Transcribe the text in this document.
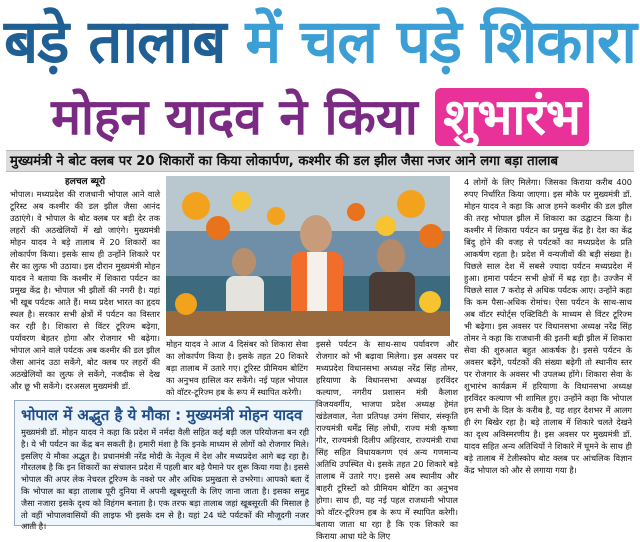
बड़े तालाब में चल पड़े शिकारा
मोहन यादव ने किया शुभारंभ
मुख्यमंत्री ने बोट क्लब पर 20 शिकारों का किया लोकार्पण, कश्मीर की डल झील जैसा नजर आने लगा बड़ा तालाब
हलचल ब्यूरो
भोपाल। मध्यप्रदेश की राजधानी भोपाल आने वाले टूरिस्ट अब कश्मीर की डल झील जैसा आनंद उठाएंगे। वे भोपाल के बोट क्लब पर बड़ी देर तक लहरों की अठखेलियों में खो जाएंगे। मुख्यमंत्री मोहन यादव ने बड़े तालाब में 20 शिकारों का लोकार्पण किया। इसके साथ ही उन्होंने शिकारे पर सैर का लुत्फ भी उठाया। इस दौरान मुख्यमंत्री मोहन यादव ने बताया कि कश्मीर में शिकारा पर्यटन का प्रमुख केंद्र है। भोपाल भी झीलों की नगरी है। यहां भी खूब पर्यटक आते हैं। मध्य प्रदेश भारत का हृदय स्थल है। सरकार सभी क्षेत्रों में पर्यटन का विस्तार कर रही है। शिकारा से विंटर टूरिज्म बढ़ेगा, पर्यावरण बेहतर होगा और रोजगार भी बढ़ेगा। भोपाल आने वाले पर्यटक अब कश्मीर की डल झील जैसा आनंद उठा सकेंगे, बोट क्लब पर लहरों की अठखेलियों का लुत्फ ले सकेंगे, नजदीक से देख और छू भी सकेंगे। दरअसल मुख्यमंत्री डॉ.
मोहन यादव ने आज 4 दिसंबर को शिकारा सेवा का लोकार्पण किया है। इसके तहत 20 शिकारे बड़ा तालाब में उतारे गए। टूरिस्ट प्रीमियम बोटिंग का अनुभव हासिल कर सकेंगे। नई पहल भोपाल को वॉटर-टूरिज्म हब के रूप में स्थापित करेगी।
इससे पर्यटन के साथ-साथ पर्यावरण और रोजगार को भी बढ़ावा मिलेगा। इस अवसर पर मध्यप्रदेश विधानसभा अध्यक्ष नरेंद्र सिंह तोमर, हरियाणा के विधानसभा अध्यक्ष हरविंदर कल्याण, नगरीय प्रशासन मंत्री कैलाश विजयवर्गीय, भाजपा प्रदेश अध्यक्ष हेमंत खंडेलवाल, नेता प्रतिपक्ष उमंग सिंघार, संस्कृति राज्यमंत्री धर्मेंद्र सिंह लोधी, राज्य मंत्री कृष्णा गौर, राज्यमंत्री दिलीप अहिरवार, राज्यमंत्री राधा सिंह सहित विधायकगण एवं अन्य गणमान्य अतिथि उपस्थित थे। इसके तहत 20 शिकारे बड़े तालाब में उतारे गए। इससे अब स्थानीय और बाहरी टूरिस्टों को प्रीमियम बोटिंग का अनुभव होगा। साथ ही, यह नई पहल राजधानी भोपाल को वॉटर-टूरिज्म हब के रूप में स्थापित करेगी। बताया जाता था रहा है कि एक शिकारे का किराया आधा घंटे के लिए
4 लोगों के लिए मिलेगा। जिसका किराया करीब 400 रुपए निर्धारित किया जाएगा। इस मौके पर मुख्यमंत्री डॉ. मोहन यादव ने कहा कि आज हमने कश्मीर की डल झील की तरह भोपाल झील में शिकारा का उद्घाटन किया है। कश्मीर में शिकारा पर्यटन का प्रमुख केंद्र है। देश का केंद्र बिंदु होने की वजह से पर्यटकों का मध्यप्रदेश के प्रति आकर्षण रहता है। प्रदेश में वन्यजीवों की बड़ी संख्या है। पिछले साल देश में सबसे ज्यादा पर्यटन मध्यप्रदेश में हुआ। हमारा पर्यटन सभी क्षेत्रों में बढ़ रहा है। उज्जैन में पिछले साल 7 करोड़ से अधिक पर्यटक आए। उन्होंने कहा कि कम पैसा-अधिक रोमांच। ऐसा पर्यटन के साथ-साथ अब वॉटर स्पोर्ट्स एक्टिविटी के माध्यम से विंटर टूरिज्म भी बढ़ेगा। इस अवसर पर विधानसभा अध्यक्ष नरेंद्र सिंह तोमर ने कहा कि राजधानी की इतनी बड़ी झील में शिकारा सेवा की शुरुआत बहुत आकर्षक है। इससे पर्यटन के अवसर बढ़ेंगे, पर्यटकों की संख्या बढ़ेगी तो स्थानीय स्तर पर रोजगार के अवसर भी उपलब्ध होंगे। शिकारा सेवा के शुभारंभ कार्यक्रम में हरियाणा के विधानसभा अध्यक्ष हरविंदर कल्याण भी शामिल हुए। उन्होंने कहा कि भोपाल हम सभी के दिल के करीब है, यह शहर देशभर में आलग ही रंग बिखेर रहा है। बड़े तालाब में शिकारे चलते देखने का दृश्य अविस्मरणीय है। इस अवसर पर मुख्यमंत्री डॉ. यादव सहित अन्य अतिथियों ने शिकारे में घूमने के साथ ही बड़े तालाब में टेलीस्कोप बोट क्लब पर आंचलिक विज्ञान केंद्र भोपाल को और से लगाया गया है।
भोपाल में अद्भुत है ये मौका : मुख्यमंत्री मोहन यादव
मुख्यमंत्री डॉ. मोहन यादव ने कहा कि प्रदेश में नर्मदा वैली सहित कई बड़ी जल परियोजना बन रही है। ये भी पर्यटन का केंद्र बन सकती है। हमारी मंशा है कि इनके माध्यम से लोगों को रोजगार मिले। इसलिए ये मौका अद्भुत है। प्रधानमंत्री नरेंद्र मोदी के नेतृत्व में देश और मध्यप्रदेश आगे बढ़ रहा है। गौरतलब है कि इन शिकारों का संचालन प्रदेश में पहली बार बड़े पैमाने पर शुरू किया गया है। इससे भोपाल की अपर लेक नेचरल टूरिज्म के नक्शे पर और अधिक प्रमुखता से उभरेगा। आपको बता दें कि भोपाल का बड़ा तालाब पूरी दुनिया में अपनी खूबसूरती के लिए जाना जाता है। इसका समुद्र जैसा नजारा इसके दृश्य को विहंगम बनाता है। एक तरफ बड़ा तालाब जहां खूबसूरती की मिसाल है तो वहीं भोपालवासियों की लाइफ भी इसके दम से है। यहां 24 घंटे पर्यटकों की मौजूदगी नजर आती है।
